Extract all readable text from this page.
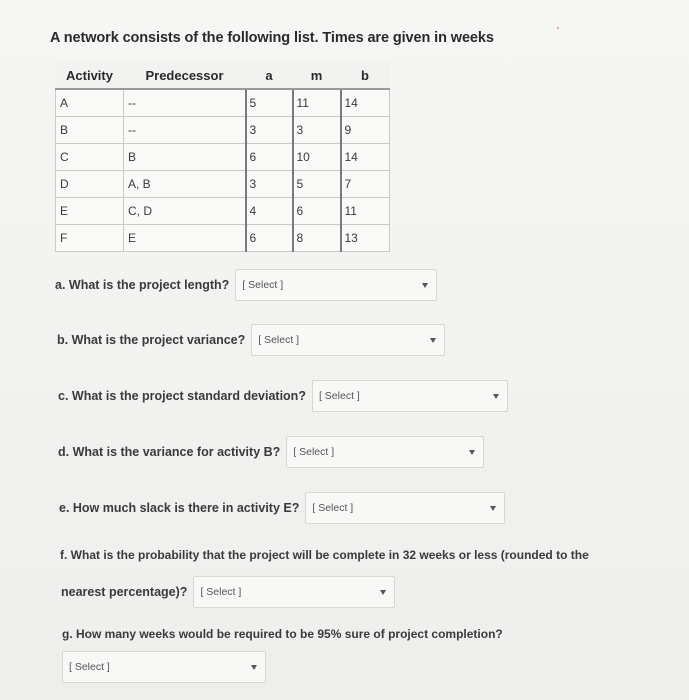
A network consists of the following list. Times are given in weeks	'
Activity	Predecessor	a	m	b
A	--	5	11	14
B	--	3	3	9
C	B	6	10	14
D	A, B	3	5	7
E	C, D	4	6	11
F	E	6	8	13
a. What is the project length? [ Select ]
b. What is the project variance? [ Select ]
c. What is the project standard deviation? [ Select ]
d. What is the variance for activity B? [ Select ]
e. How much slack is there in activity E? [ Select ]
f. What is the probability that the project will be complete in 32 weeks or less (rounded to the
nearest percentage)? [ Select ]
g. How many weeks would be required to be 95% sure of project completion?
[ Select ]
